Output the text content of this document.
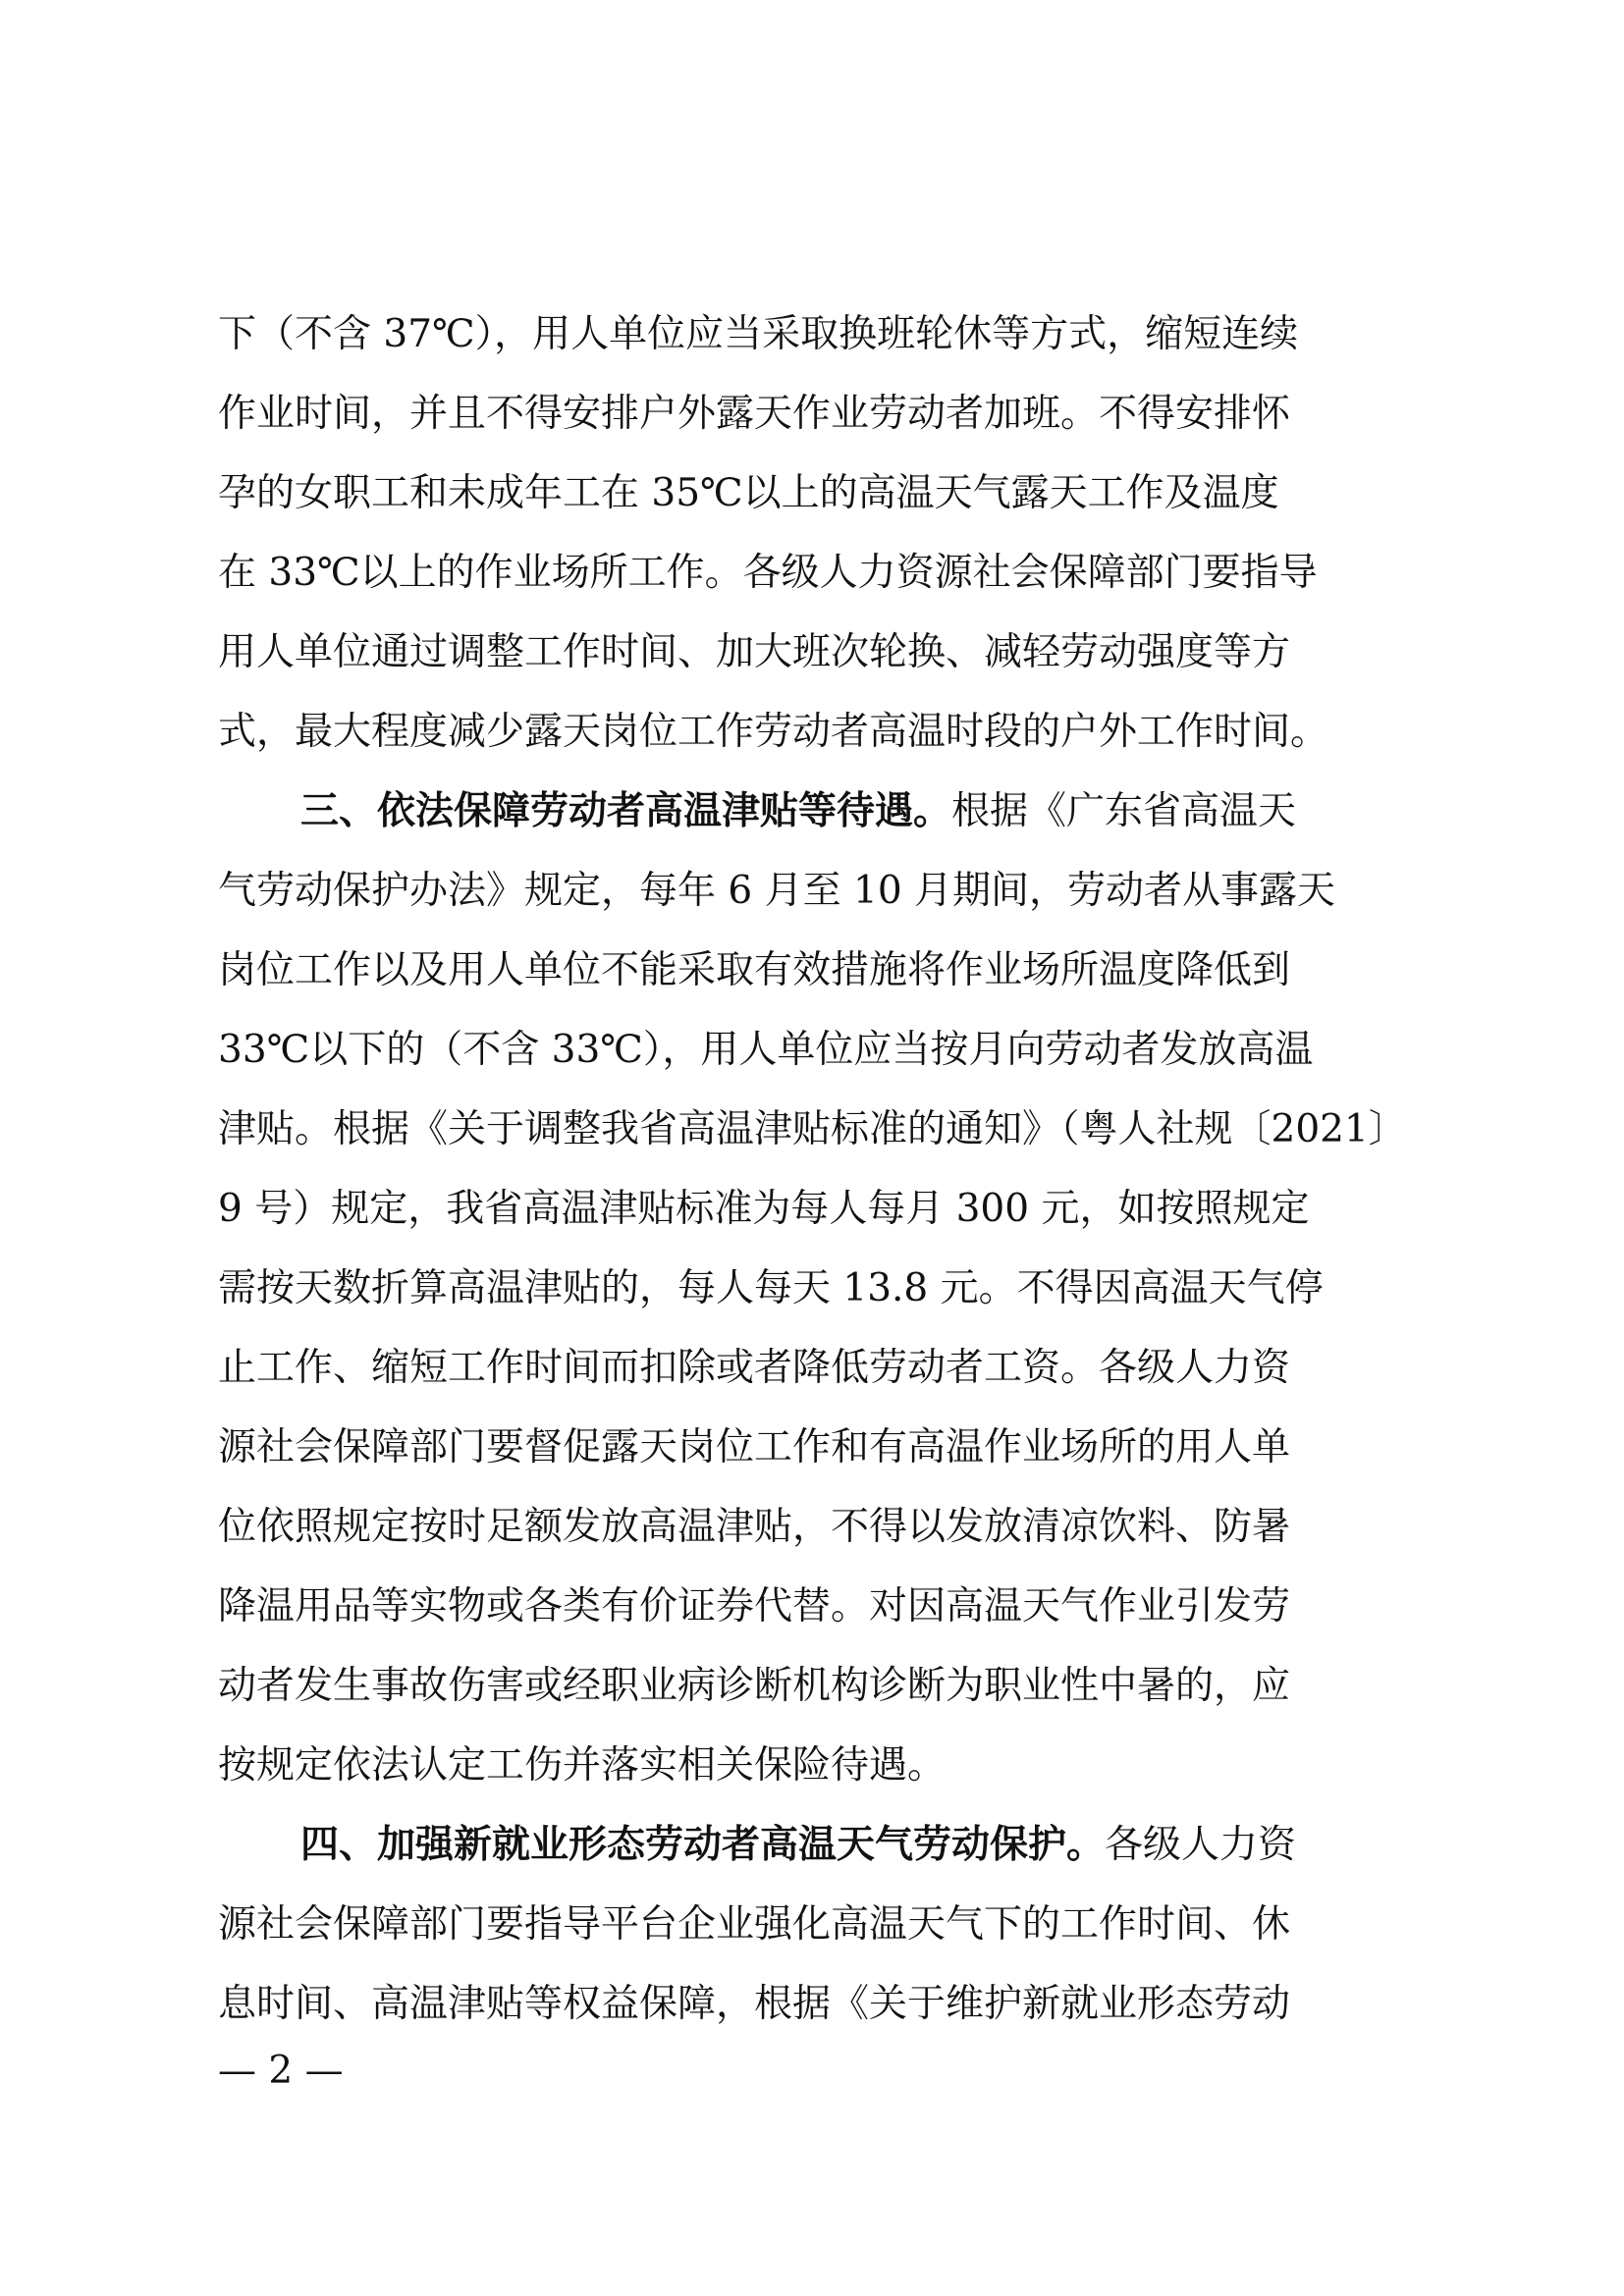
下（不含 37℃），用人单位应当采取换班轮休等方式，缩短连续
作业时间，并且不得安排户外露天作业劳动者加班。不得安排怀
孕的女职工和未成年工在 35℃以上的高温天气露天工作及温度
在 33℃以上的作业场所工作。各级人力资源社会保障部门要指导
用人单位通过调整工作时间、加大班次轮换、减轻劳动强度等方
式，最大程度减少露天岗位工作劳动者高温时段的户外工作时间。
三、依法保障劳动者高温津贴等待遇。根据《广东省高温天
气劳动保护办法》规定，每年 6 月至 10 月期间，劳动者从事露天
岗位工作以及用人单位不能采取有效措施将作业场所温度降低到
33℃以下的（不含 33℃），用人单位应当按月向劳动者发放高温
津贴。根据《关于调整我省高温津贴标准的通知》（粤人社规〔2021〕
9 号）规定，我省高温津贴标准为每人每月 300 元，如按照规定
需按天数折算高温津贴的，每人每天 13.8 元。不得因高温天气停
止工作、缩短工作时间而扣除或者降低劳动者工资。各级人力资
源社会保障部门要督促露天岗位工作和有高温作业场所的用人单
位依照规定按时足额发放高温津贴，不得以发放清凉饮料、防暑
降温用品等实物或各类有价证券代替。对因高温天气作业引发劳
动者发生事故伤害或经职业病诊断机构诊断为职业性中暑的，应
按规定依法认定工伤并落实相关保险待遇。
四、加强新就业形态劳动者高温天气劳动保护。各级人力资
源社会保障部门要指导平台企业强化高温天气下的工作时间、休
息时间、高温津贴等权益保障，根据《关于维护新就业形态劳动
— 2 —
